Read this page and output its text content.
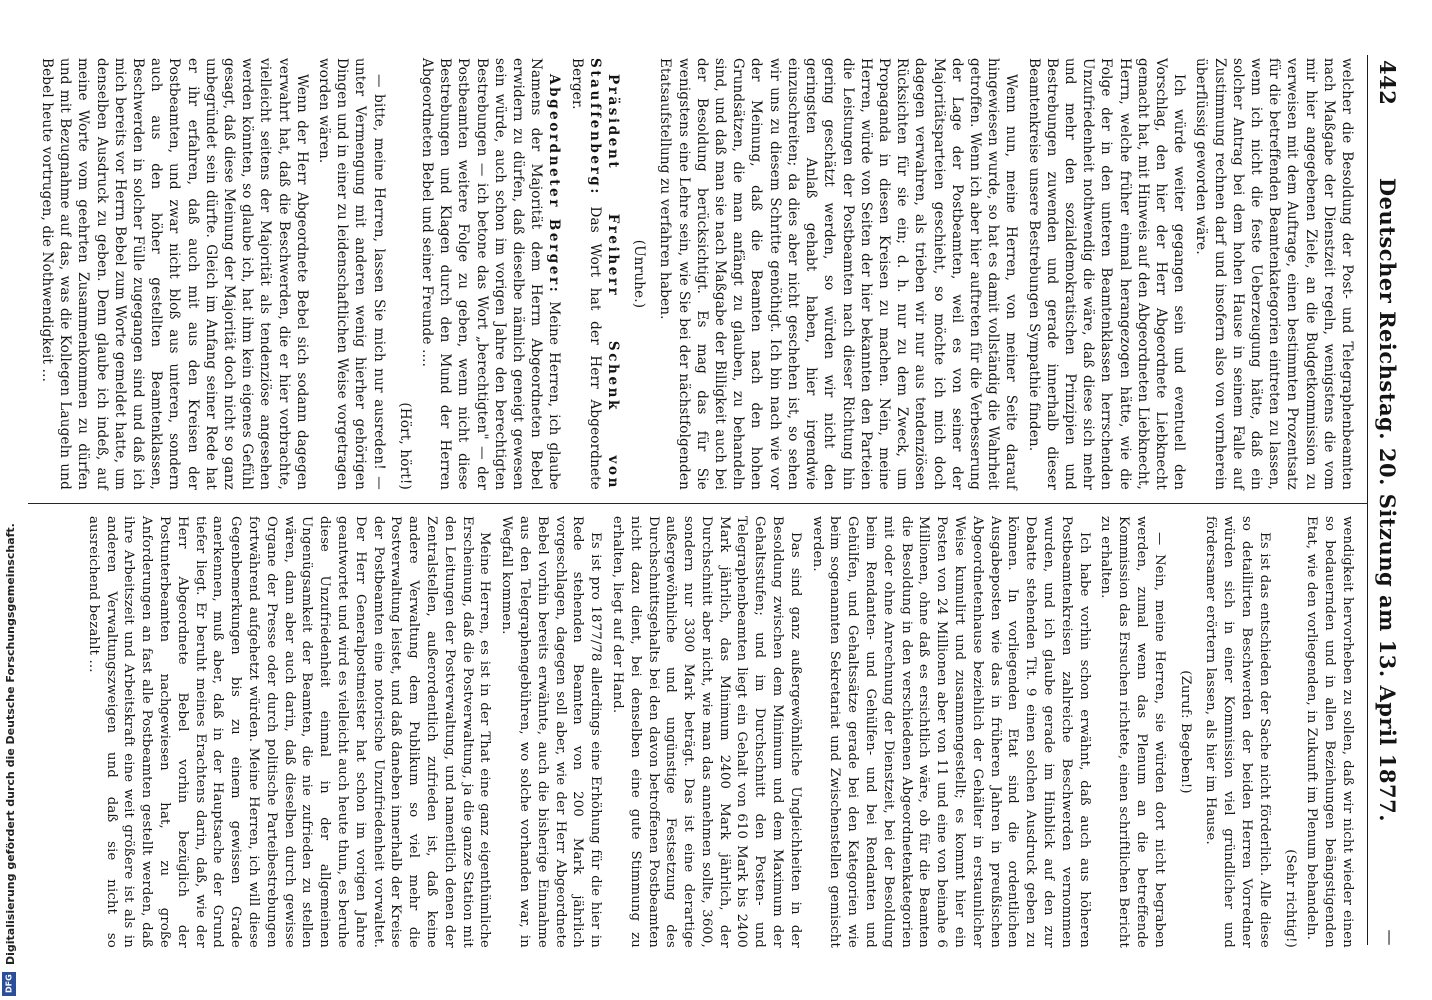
442
Deutscher Reichstag. 20. Sitzung am 13. April 1877.
—

welcher die Besoldung der Post- und Telegraphenbeamten nach Maßgabe der Dienstzeit regeln, wenigstens die vom mir hier angegebenen Ziele, an die Budgetkommission zu verweisen mit dem Auftrage, einen bestimmten Prozentsatz für die betreffenden Beamtenkategorien eintreten zu lassen, wenn ich nicht die feste Ueberzeugung hätte, daß ein solcher Antrag bei dem hohen Hause in seinem Falle auf Zustimmung rechnen darf und insofern also von vornherein überflüssig geworden wäre.

Ich würde weiter gegangen sein und eventuell den Vorschlag, den hier der Herr Abgeordnete Liebknecht gemacht hat, mit Hinweis auf den Abgeordneten Liebknecht, Herrn, welche früher einmal herangezogen hätte, wie die Folge der in den unteren Beamtenklassen herrschenden Unzufriedenheit nothwendig die wäre, daß diese sich mehr und mehr den sozialdemokratischen Prinzipien und Bestrebungen zuwenden und gerade innerhalb dieser Beamtenkreise unsere Bestrebungen Sympathie finden.

Wenn nun, meine Herren, von meiner Seite darauf hingewiesen wurde, so hat es damit vollständig die Wahrheit getroffen. Wenn ich aber hier auftreten für die Verbesserung der Lage der Postbeamten, weil es von seiner der Majoritätsparteien geschieht, so möchte ich mich doch dagegen verwahren, als trieben wir nur aus tendenziösen Rücksichten für sie ein; d. h. nur zu dem Zweck, um Propaganda in diesen Kreisen zu machen. Nein, meine Herren, würde von Seiten der hier bekannten den Parteien die Leistungen der Postbeamten nach dieser Richtung hin gering geschätzt werden, so würden wir nicht den geringsten Anlaß gehabt haben, hier irgendwie einzuschreiten; da dies aber nicht geschehen ist, so sehen wir uns zu diesem Schritte genöthigt. Ich bin nach wie vor der Meinung, daß die Beamten nach den hohen Grundsätzen, die man anfängt zu glauben, zu behandeln sind, und daß man sie nach Maßgabe der Billigkeit auch bei der Besoldung berücksichtigt. Es mag das für Sie wenigstens eine Lehre sein, wie Sie bei der nächstfolgenden Etatsaufstellung zu verfahren haben.

(Unruhe.)

Präsident Freiherr Schenk von Stauffenberg: Das Wort hat der Herr Abgeordnete Berger.

Abgeordneter Berger: Meine Herren, ich glaube Namens der Majorität dem Herrn Abgeordneten Bebel erwidern zu dürfen, daß dieselbe nämlich geneigt gewesen sein würde, auch schon im vorigen Jahre den berechtigten Bestrebungen — ich betone das Wort „berechtigten" — der Postbeamten weitere Folge zu geben, wenn nicht diese Bestrebungen und Klagen durch den Mund der Herren Abgeordneten Bebel und seiner Freunde ....

(Hört, hört!)

— bitte, meine Herren, lassen Sie mich nur ausreden! — unter Vermengung mit anderen wenig hierher gehörigen Dingen und in einer zu leidenschaftlichen Weise vorgetragen worden wären.

Wenn der Herr Abgeordnete Bebel sich sodann dagegen verwahrt hat, daß die Beschwerden, die er hier vorbrachte, vielleicht seitens der Majorität als tendenziöse angesehen werden könnten, so glaube ich, hat ihm kein eigenes Gefühl gesagt, daß diese Meinung der Majorität doch nicht so ganz unbegründet sein dürfte. Gleich im Anfang seiner Rede hat er ihr erfahren, daß auch mit aus den Kreisen der Postbeamten, und zwar nicht bloß aus unteren, sondern auch aus den höher gestellten Beamtenklassen, Beschwerden in solcher Fülle zugegangen sind und daß ich mich bereits vor Herrn Bebel zum Worte gemeldet hatte, um denselben Ausdruck zu geben. Denn glaube ich indeß, auf meine Worte vom geehrten Zusammenkommen zu dürfen und mit Bezugnahme auf das, was die Kollegen Laugeln und Bebel heute vortrugen, die Nothwendigkeit ...

wendigkeit hervorheben zu sollen, daß wir nicht wieder einen so bedauernden und in allen Beziehungen beängstigenden Etat, wie den vorliegenden, in Zukunft im Plenum behandeln.

(Sehr richtig!)

Es ist das entschieden der Sache nicht förderlich. Alle diese so detaillirten Beschwerden der beiden Herren Vorredner würden sich in einer Kommission viel gründlicher und fördersamer erörtern lassen, als hier im Hause.

(Zuruf: Begeben!)

— Nein, meine Herren, sie würden dort nicht begraben werden, zumal wenn das Plenum an die betreffende Kommission das Ersuchen richtete, einen schriftlichen Bericht zu erhalten.

Ich habe vorhin schon erwähnt, daß auch aus höheren Postbeamtenkreisen zahlreiche Beschwerden vernommen wurden, und ich glaube gerade im Hinblick auf den zur Debatte stehenden Tit. 9 einen solchen Ausdruck geben zu können. In vorliegenden Etat sind die ordentlichen Ausgabeposten wie das in früheren Jahren in preußischen Abgeordnetenhause beziehlich der Gehälter in erstaunlicher Weise kumulirt und zusammengestellt; es kommt hier ein Posten von 24 Millionen aber von 11 und eine von beinahe 6 Millionen, ohne daß es ersichtlich wäre, ob für die Beamten die Besoldung in den verschiedenen Abgeordnetenkategorien mit oder ohne Anrechnung der Dienstzeit, bei der Besoldung beim Rendanten- und Gehülfen- und bei Rendanten und Gehülfen, und Gehaltssätze gerade bei den Kategorien wie beim sogenannten Sekretariat und Zwischenstellen gemischt werden.

Das sind ganz außergewöhnliche Ungleichheiten in der Besoldung zwischen dem Minimum und dem Maximum der Gehaltsstufen; und im Durchschnitt den Posten- und Telegraphenbeamten liegt ein Gehalt von 610 Mark bis 2400 Mark jährlich, das Minimum 2400 Mark jährlich, der Durchschnitt aber nicht, wie man das annehmen sollte, 3600, sondern nur 3300 Mark beträgt. Das ist eine derartige außergewöhnliche und ungünstige Festsetzung des Durchschnittsgehalts bei den davon betroffenen Postbeamten nicht dazu dient, bei denselben eine gute Stimmung zu erhalten, liegt auf der Hand.

Es ist pro 1877/78 allerdings eine Erhöhung für die hier in Rede stehenden Beamten von 200 Mark jährlich vorgeschlagen, dagegen soll aber, wie der Herr Abgeordnete Bebel vorhin bereits erwähnte, auch die bisherige Einnahme aus den Telegraphengebühren, wo solche vorhanden war, in Wegfall kommen.

Meine Herren, es ist in der That eine ganz eigenthümliche Erscheinung, daß die Postverwaltung, ja die ganze Station mit den Leitungen der Postverwaltung, und namentlich denen der Zentralstellen, außerordentlich zufrieden ist, daß keine andere Verwaltung dem Publikum so viel mehr die Postverwaltung leistet, und daß daneben innerhalb der Kreise der Postbeamten eine notorische Unzufriedenheit vorwaltet. Der Herr Generalpostmeister hat schon im vorigen Jahre geantwortet und wird es vielleicht auch heute thun, es beruhe diese Unzufriedenheit einmal in der allgemeinen Ungenügsamkeit der Beamten, die nie zufrieden zu stellen wären, dann aber auch darin, daß dieselben durch gewisse Organe der Presse oder durch politische Parteibestrebungen fortwährend aufgehetzt würden. Meine Herren, ich will diese Gegenbemerkungen bis zu einem gewissen Grade anerkennen, muß aber, daß in der Hauptsache der Grund tiefer liegt. Er beruht meines Erachtens darin, daß, wie der Herr Abgeordnete Bebel vorhin bezüglich der Postunterbeamten nachgewiesen hat, zu große Anforderungen an fast alle Postbeamten gestellt werden, daß ihre Arbeitszeit und Arbeitskraft eine weit größere ist als in anderen Verwaltungszweigen und daß sie nicht so ausreichend bezahlt ...

Digitalisierung gefördert durch die Deutsche Forschungsgemeinschaft.
DFG
